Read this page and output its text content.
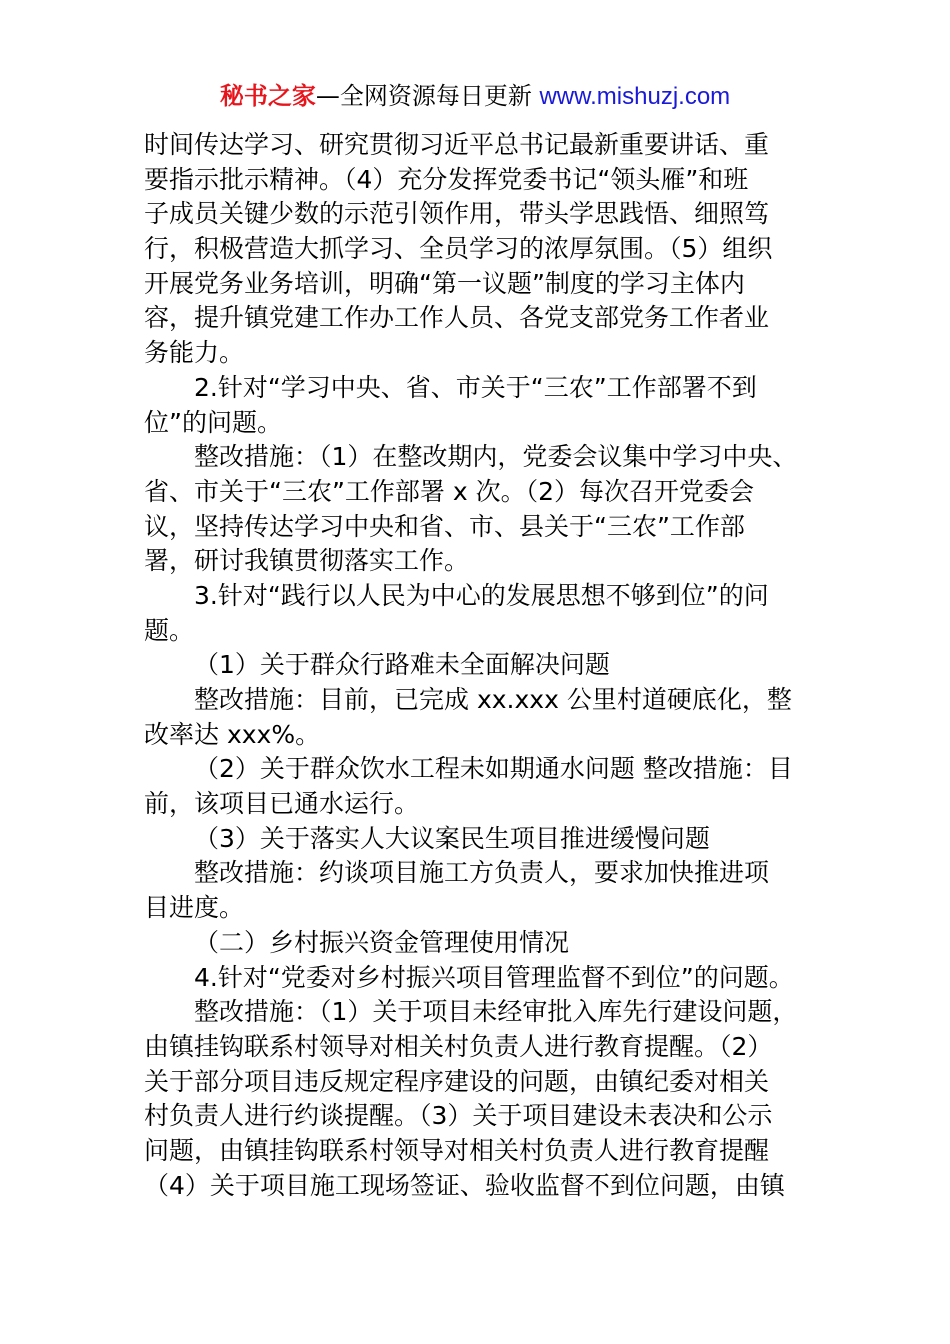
秘书之家—全网资源每日更新 www.mishuzj.com
时间传达学习、研究贯彻习近平总书记最新重要讲话、重
要指示批示精神。（4）充分发挥党委书记“领头雁”和班
子成员关键少数的示范引领作用，带头学思践悟、细照笃
行，积极营造大抓学习、全员学习的浓厚氛围。（5）组织
开展党务业务培训，明确“第一议题”制度的学习主体内
容，提升镇党建工作办工作人员、各党支部党务工作者业
务能力。
2.针对“学习中央、省、市关于“三农”工作部署不到
位”的问题。
整改措施：（1）在整改期内，党委会议集中学习中央、
省、市关于“三农”工作部署 x 次。（2）每次召开党委会
议，坚持传达学习中央和省、市、县关于“三农”工作部
署，研讨我镇贯彻落实工作。
3.针对“践行以人民为中心的发展思想不够到位”的问
题。
（1）关于群众行路难未全面解决问题
整改措施：目前，已完成 xx.xxx 公里村道硬底化，整
改率达 xxx%。
（2）关于群众饮水工程未如期通水问题 整改措施：目
前，该项目已通水运行。
（3）关于落实人大议案民生项目推进缓慢问题
整改措施：约谈项目施工方负责人，要求加快推进项
目进度。
（二）乡村振兴资金管理使用情况
4.针对“党委对乡村振兴项目管理监督不到位”的问题。
整改措施：（1）关于项目未经审批入库先行建设问题，
由镇挂钩联系村领导对相关村负责人进行教育提醒。（2）
关于部分项目违反规定程序建设的问题，由镇纪委对相关
村负责人进行约谈提醒。（3）关于项目建设未表决和公示
问题，由镇挂钩联系村领导对相关村负责人进行教育提醒
（4）关于项目施工现场签证、验收监督不到位问题，由镇
